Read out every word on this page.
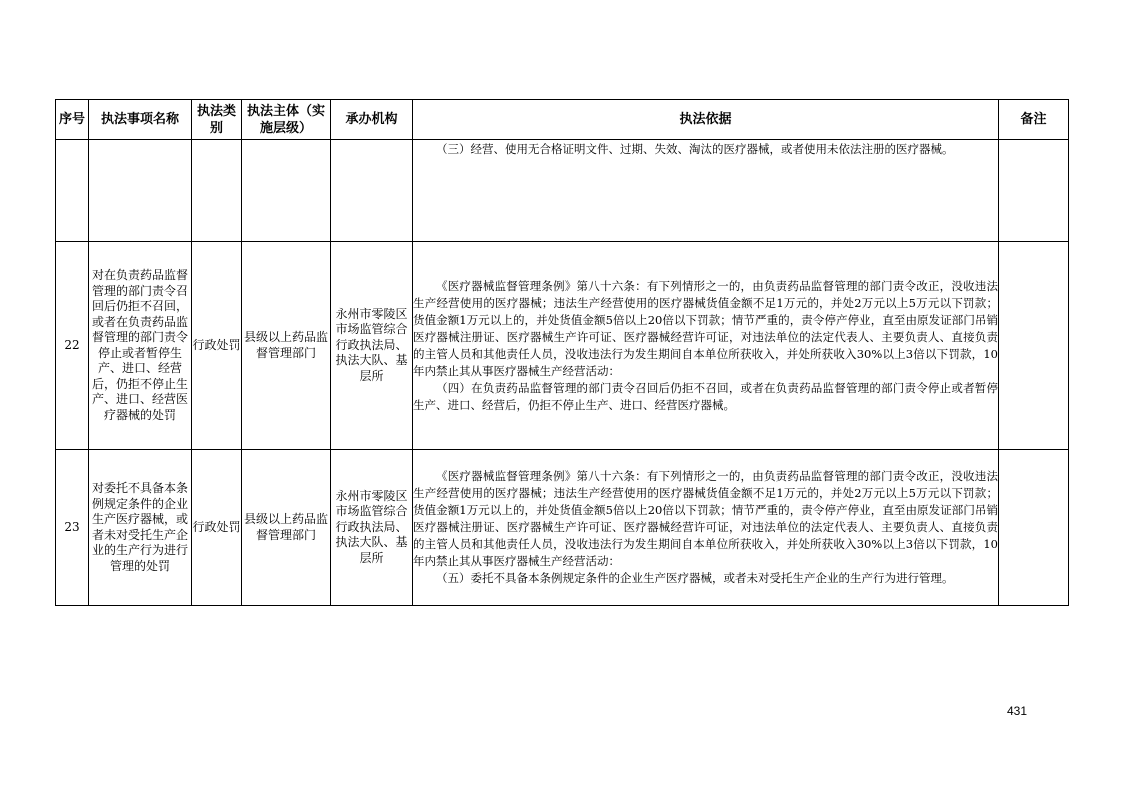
序号	执法事项名称	执法类别	执法主体（实施层级）	承办机构	执法依据	备注

					（三）经营、使用无合格证明文件、过期、失效、淘汰的医疗器械，或者使用未依法注册的医疗器械。	

22	对在负责药品监督管理的部门责令召回后仍拒不召回，或者在负责药品监督管理的部门责令停止或者暂停生产、进口、经营后，仍拒不停止生产、进口、经营医疗器械的处罚	行政处罚	县级以上药品监督管理部门	永州市零陵区市场监管综合行政执法局、执法大队、基层所	《医疗器械监督管理条例》第八十六条：有下列情形之一的，由负责药品监督管理的部门责令改正，没收违法生产经营使用的医疗器械；违法生产经营使用的医疗器械货值金额不足1万元的，并处2万元以上5万元以下罚款；货值金额1万元以上的，并处货值金额5倍以上20倍以下罚款；情节严重的，责令停产停业，直至由原发证部门吊销医疗器械注册证、医疗器械生产许可证、医疗器械经营许可证，对违法单位的法定代表人、主要负责人、直接负责的主管人员和其他责任人员，没收违法行为发生期间自本单位所获收入，并处所获收入30%以上3倍以下罚款，10年内禁止其从事医疗器械生产经营活动：

（四）在负责药品监督管理的部门责令召回后仍拒不召回，或者在负责药品监督管理的部门责令停止或者暂停生产、进口、经营后，仍拒不停止生产、进口、经营医疗器械。	

23	对委托不具备本条例规定条件的企业生产医疗器械，或者未对受托生产企业的生产行为进行管理的处罚	行政处罚	县级以上药品监督管理部门	永州市零陵区市场监管综合行政执法局、执法大队、基层所	《医疗器械监督管理条例》第八十六条：有下列情形之一的，由负责药品监督管理的部门责令改正，没收违法生产经营使用的医疗器械；违法生产经营使用的医疗器械货值金额不足1万元的，并处2万元以上5万元以下罚款；货值金额1万元以上的，并处货值金额5倍以上20倍以下罚款；情节严重的，责令停产停业，直至由原发证部门吊销医疗器械注册证、医疗器械生产许可证、医疗器械经营许可证，对违法单位的法定代表人、主要负责人、直接负责的主管人员和其他责任人员，没收违法行为发生期间自本单位所获收入，并处所获收入30%以上3倍以下罚款，10年内禁止其从事医疗器械生产经营活动：

（五）委托不具备本条例规定条件的企业生产医疗器械，或者未对受托生产企业的生产行为进行管理。	

431
